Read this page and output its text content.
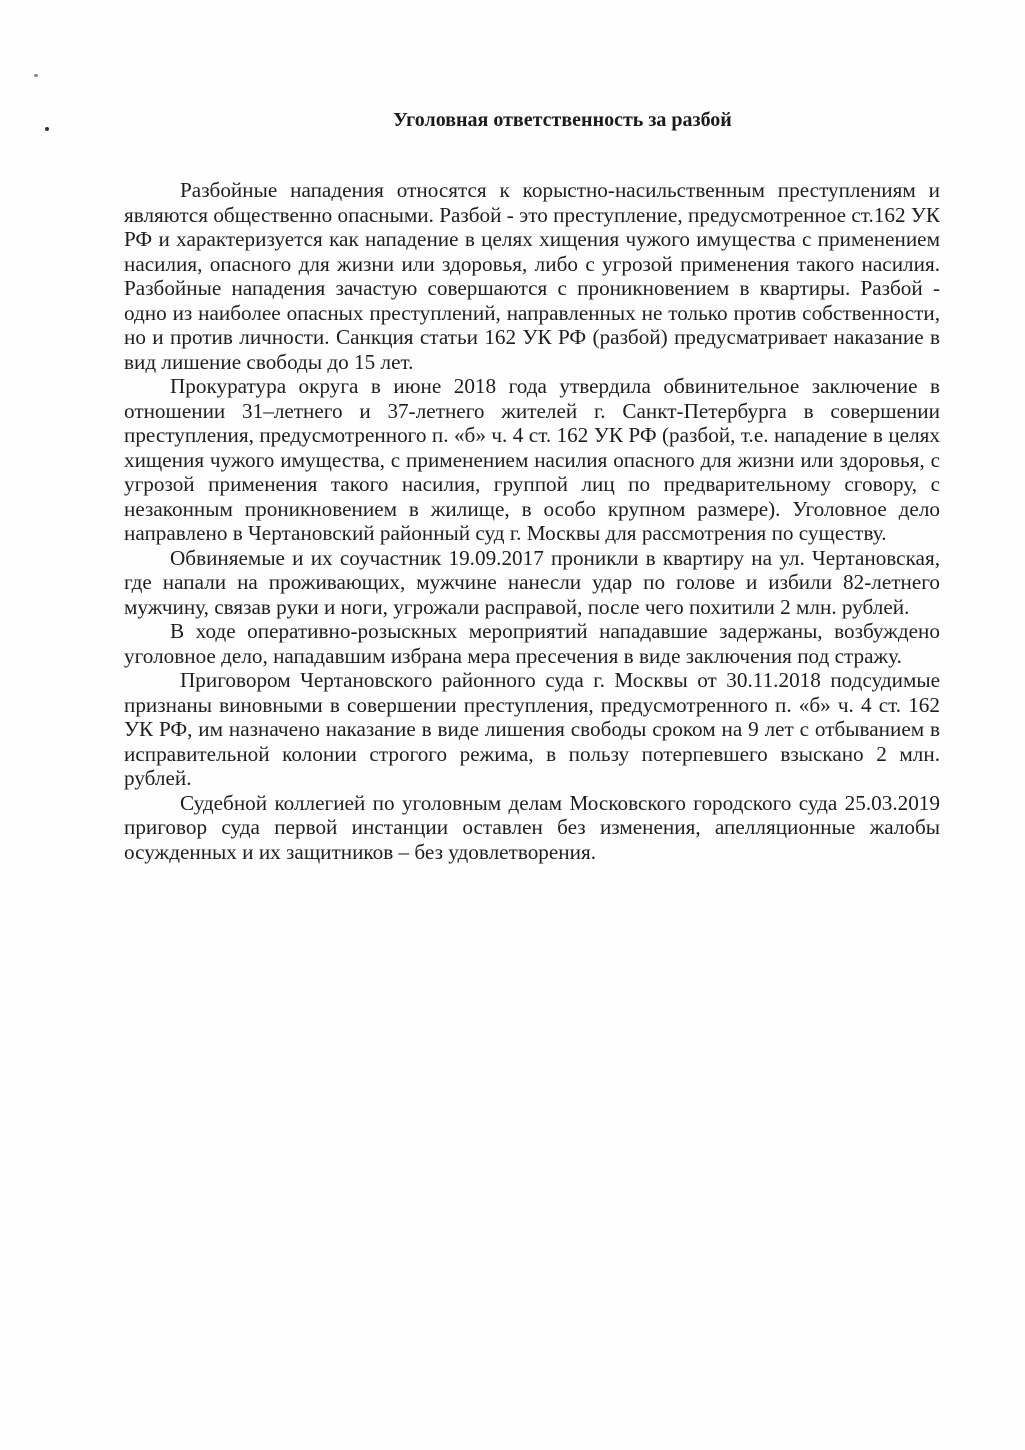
Уголовная ответственность за разбой

Разбойные нападения относятся к корыстно-насильственным преступлениям и являются общественно опасными. Разбой - это преступление, предусмотренное ст.162 УК РФ и характеризуется как нападение в целях хищения чужого имущества с применением насилия, опасного для жизни или здоровья, либо с угрозой применения такого насилия. Разбойные нападения зачастую совершаются с проникновением в квартиры. Разбой - одно из наиболее опасных преступлений, направленных не только против собственности, но и против личности. Санкция статьи 162 УК РФ (разбой) предусматривает наказание в вид лишение свободы до 15 лет.

Прокуратура округа в июне 2018 года утвердила обвинительное заключение в отношении 31–летнего и 37-летнего жителей г. Санкт-Петербурга в совершении преступления, предусмотренного п. «б» ч. 4 ст. 162 УК РФ (разбой, т.е. нападение в целях хищения чужого имущества, с применением насилия опасного для жизни или здоровья, с угрозой применения такого насилия, группой лиц по предварительному сговору, с незаконным проникновением в жилище, в особо крупном размере). Уголовное дело направлено в Чертановский районный суд г. Москвы для рассмотрения по существу.

Обвиняемые и их соучастник 19.09.2017 проникли в квартиру на ул. Чертановская, где напали на проживающих, мужчине нанесли удар по голове и избили 82-летнего мужчину, связав руки и ноги, угрожали расправой, после чего похитили 2 млн. рублей.

В ходе оперативно-розыскных мероприятий нападавшие задержаны, возбуждено уголовное дело, нападавшим избрана мера пресечения в виде заключения под стражу.

Приговором Чертановского районного суда г. Москвы от 30.11.2018 подсудимые признаны виновными в совершении преступления, предусмотренного п. «б» ч. 4 ст. 162 УК РФ, им назначено наказание в виде лишения свободы сроком на 9 лет с отбыванием в исправительной колонии строгого режима, в пользу потерпевшего взыскано 2 млн. рублей.

Судебной коллегией по уголовным делам Московского городского суда 25.03.2019 приговор суда первой инстанции оставлен без изменения, апелляционные жалобы осужденных и их защитников – без удовлетворения.
